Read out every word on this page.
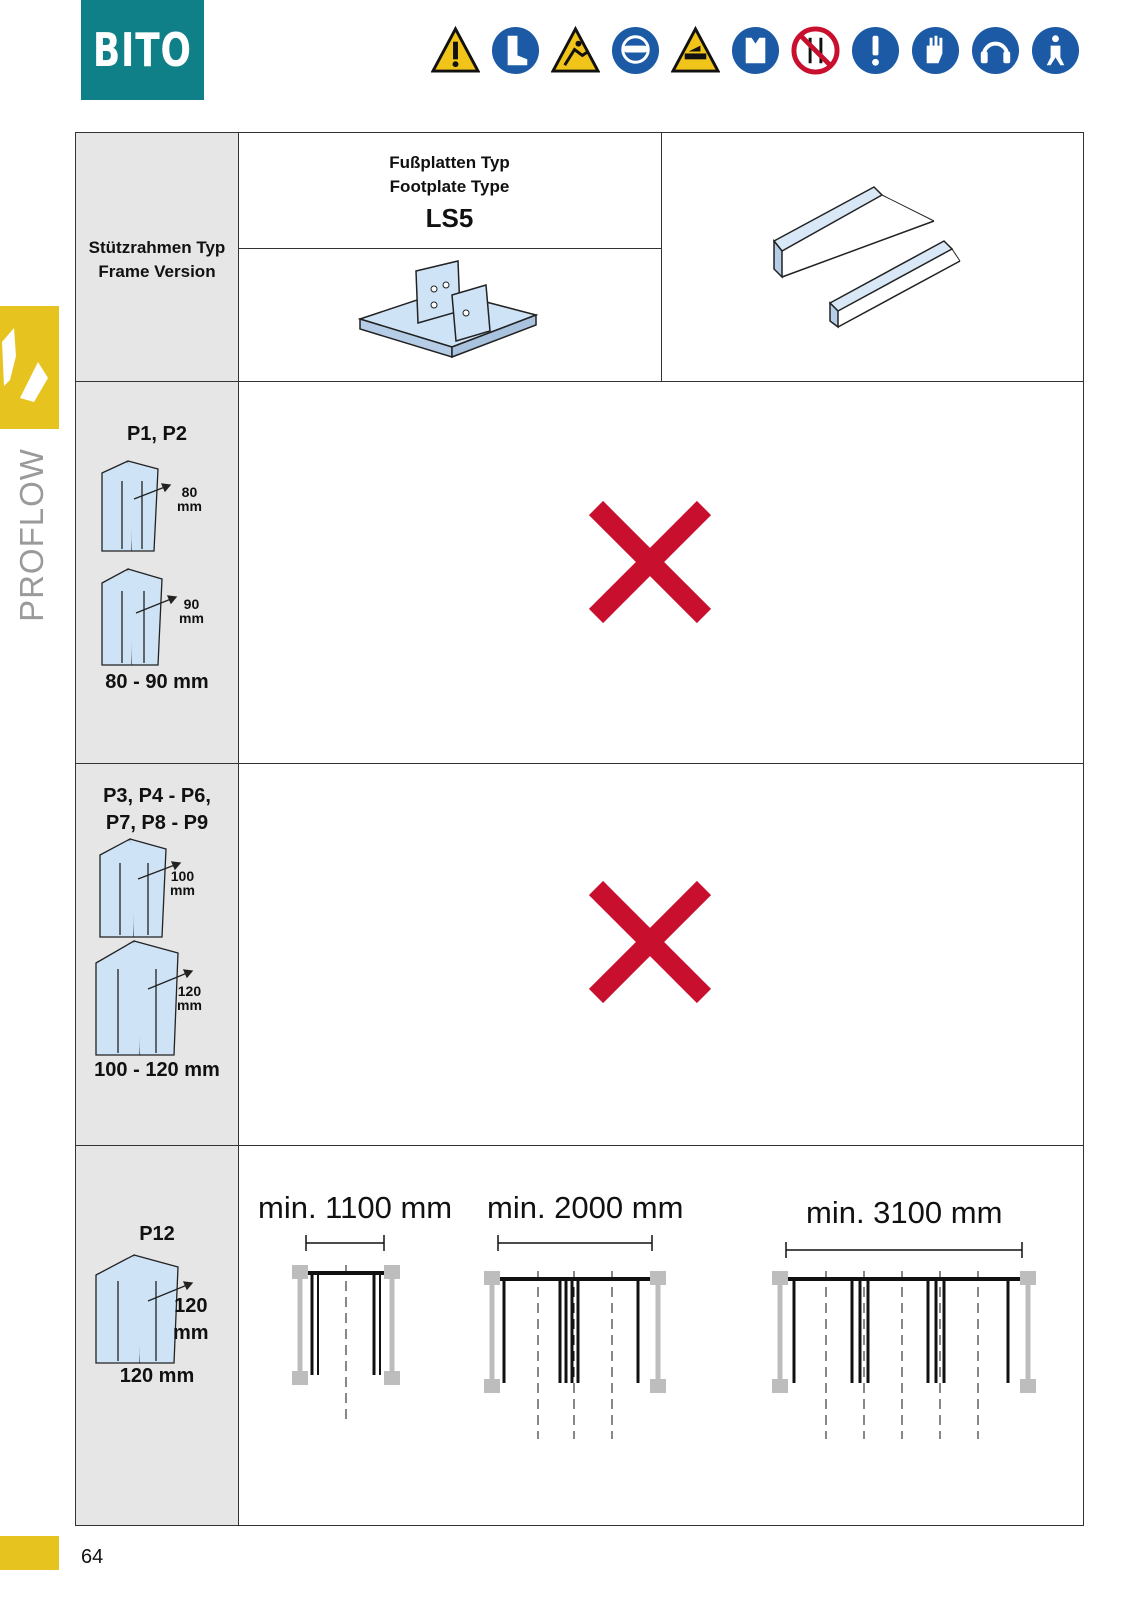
BITO
PROFLOW
64
Stützrahmen Typ
Frame Version
Fußplatten Typ
Footplate Type
LS5
P1, P2
80
mm
90
mm
80 - 90 mm
P3, P4 - P6,
P7, P8 - P9
100
mm
120
mm
100 - 120 mm
P12
120
mm
120 mm
min. 1100 mm min. 2000 mm	min. 3100 mm
